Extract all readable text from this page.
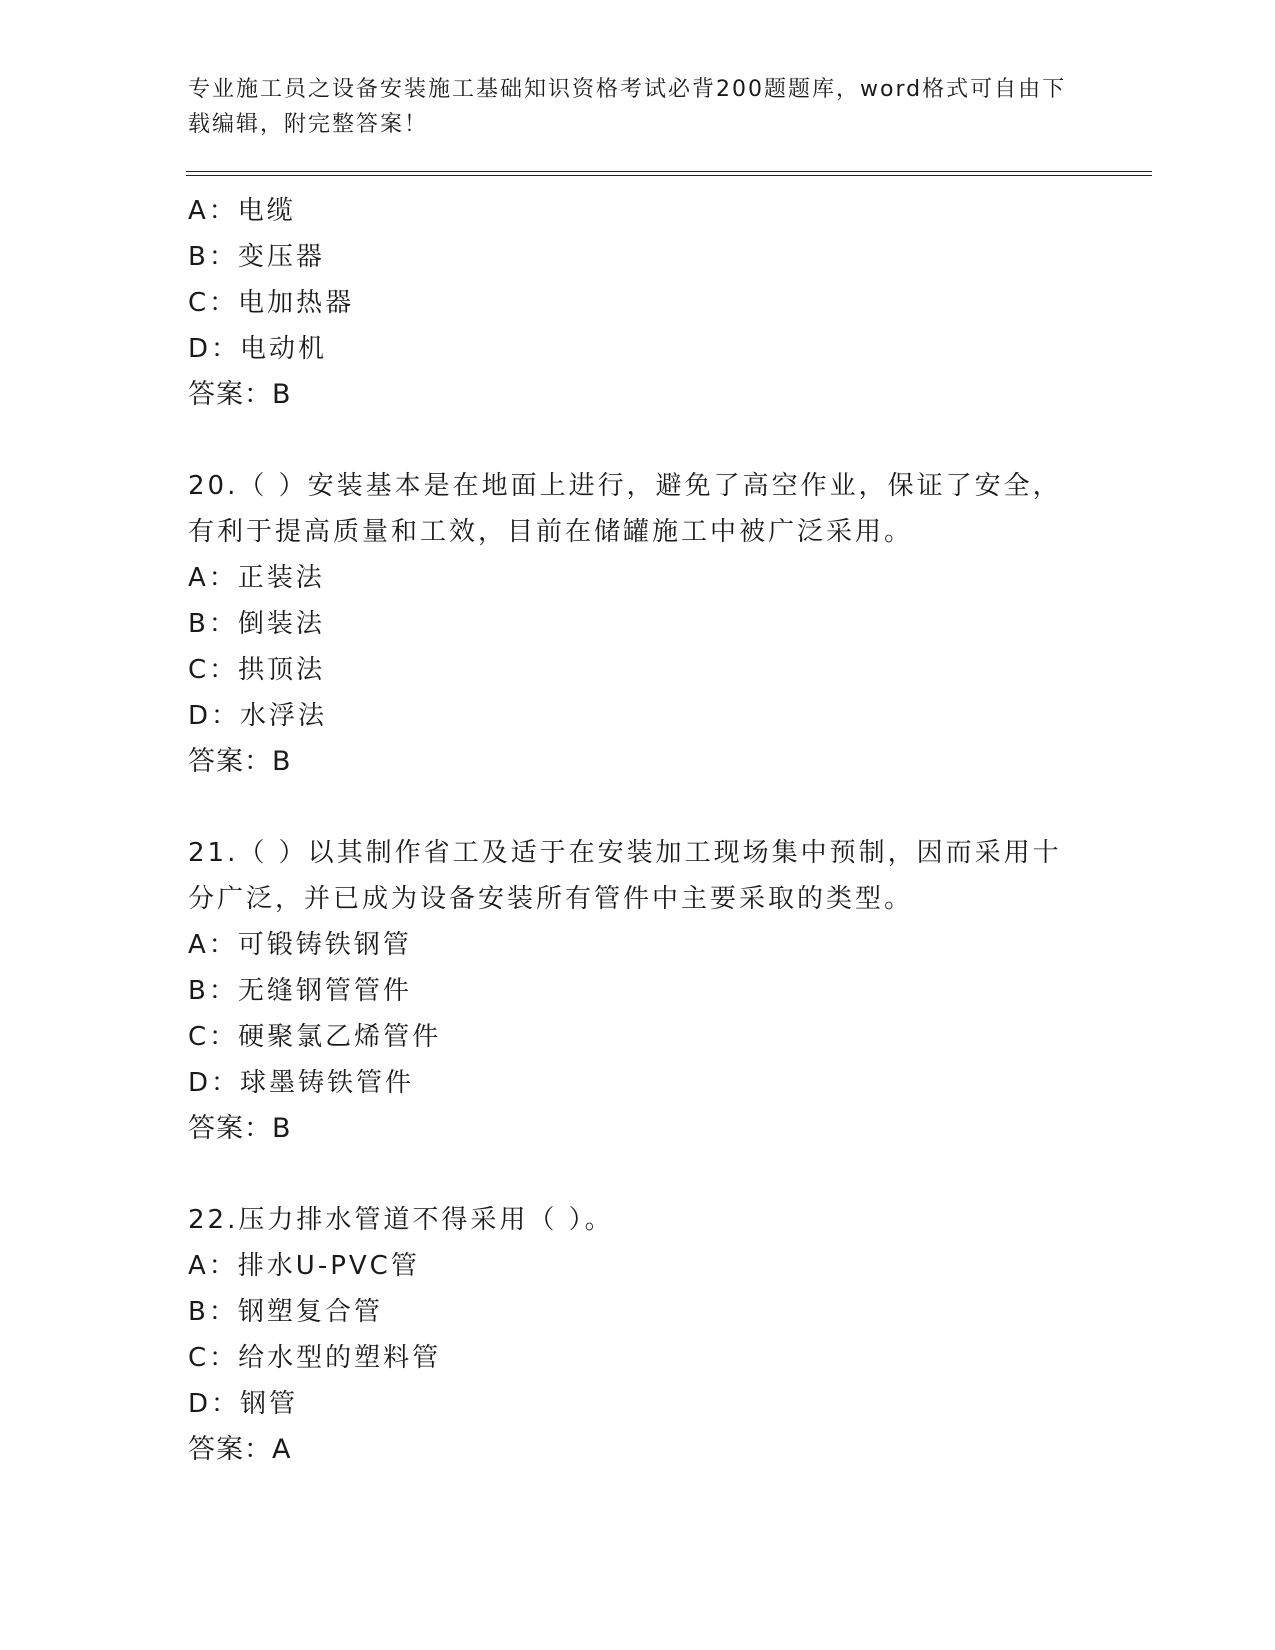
专业施工员之设备安装施工基础知识资格考试必背200题题库，word格式可自由下载编辑，附完整答案！
A：电缆
B：变压器
C：电加热器
D：电动机
答案：B
20.（ ）安装基本是在地面上进行，避免了高空作业，保证了安全，有利于提高质量和工效，目前在储罐施工中被广泛采用。
A：正装法
B：倒装法
C：拱顶法
D：水浮法
答案：B
21.（ ）以其制作省工及适于在安装加工现场集中预制，因而采用十分广泛，并已成为设备安装所有管件中主要采取的类型。
A：可锻铸铁钢管
B：无缝钢管管件
C：硬聚氯乙烯管件
D：球墨铸铁管件
答案：B
22.压力排水管道不得采用（ ）。
A：排水U-PVC管
B：钢塑复合管
C：给水型的塑料管
D：钢管
答案：A
